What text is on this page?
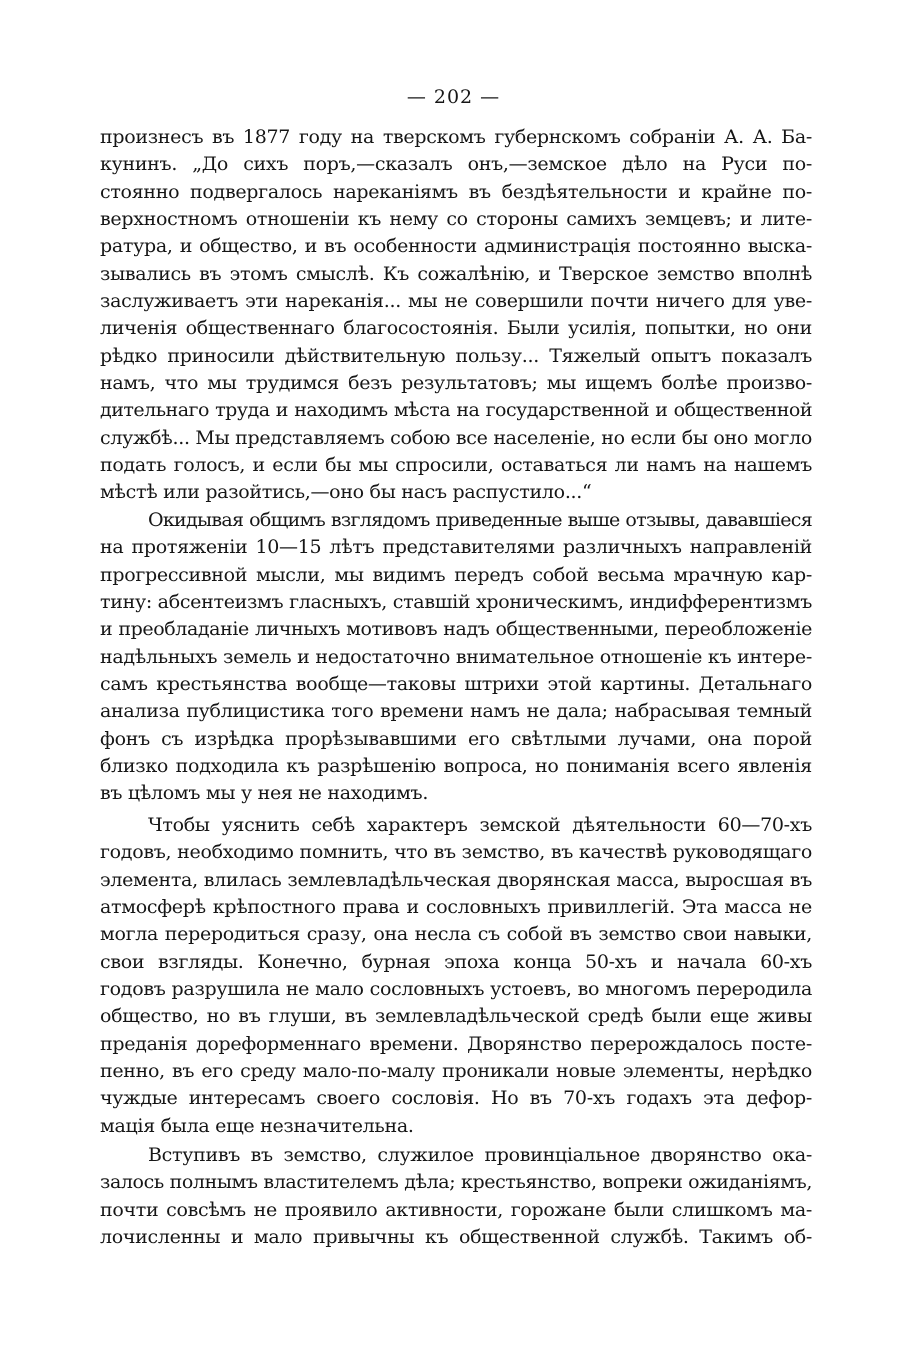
— 202 —
произнесъ въ 1877 году на тверскомъ губернскомъ собраніи А. А. Ба-
кунинъ. „До сихъ поръ,—сказалъ онъ,—земское дѣло на Руси по-
стоянно подвергалось нареканіямъ въ бездѣятельности и крайне по-
верхностномъ отношеніи къ нему со стороны самихъ земцевъ; и лите-
ратура, и общество, и въ особенности администрація постоянно выска-
зывались въ этомъ смыслѣ. Къ сожалѣнію, и Тверское земство вполнѣ
заслуживаетъ эти нареканія... мы не совершили почти ничего для уве-
личенія общественнаго благосостоянія. Были усилія, попытки, но они
рѣдко приносили дѣйствительную пользу... Тяжелый опытъ показалъ
намъ, что мы трудимся безъ результатовъ; мы ищемъ болѣе произво-
дительнаго труда и находимъ мѣста на государственной и общественной
службѣ... Мы представляемъ собою все населеніе, но если бы оно могло
подать голосъ, и если бы мы спросили, оставаться ли намъ на нашемъ
мѣстѣ или разойтись,—оно бы насъ распустило...“
Окидывая общимъ взглядомъ приведенные выше отзывы, дававшіеся
на протяженіи 10—15 лѣтъ представителями различныхъ направленій
прогрессивной мысли, мы видимъ передъ собой весьма мрачную кар-
тину: абсентеизмъ гласныхъ, ставшій хроническимъ, индифферентизмъ
и преобладаніе личныхъ мотивовъ надъ общественными, переобложеніе
надѣльныхъ земель и недостаточно внимательное отношеніе къ интере-
самъ крестьянства вообще—таковы штрихи этой картины. Детальнаго
анализа публицистика того времени намъ не дала; набрасывая темный
фонъ съ изрѣдка прорѣзывавшими его свѣтлыми лучами, она порой
близко подходила къ разрѣшенію вопроса, но пониманія всего явленія
въ цѣломъ мы у нея не находимъ.
Чтобы уяснить себѣ характеръ земской дѣятельности 60—70-хъ
годовъ, необходимо помнить, что въ земство, въ качествѣ руководящаго
элемента, влилась землевладѣльческая дворянская масса, выросшая въ
атмосферѣ крѣпостного права и сословныхъ привиллегій. Эта масса не
могла переродиться сразу, она несла съ собой въ земство свои навыки,
свои взгляды. Конечно, бурная эпоха конца 50-хъ и начала 60-хъ
годовъ разрушила не мало сословныхъ устоевъ, во многомъ переродила
общество, но въ глуши, въ землевладѣльческой средѣ были еще живы
преданія дореформеннаго времени. Дворянство перерождалось посте-
пенно, въ его среду мало-по-малу проникали новые элементы, нерѣдко
чуждые интересамъ своего сословія. Но въ 70-хъ годахъ эта дефор-
мація была еще незначительна.
Вступивъ въ земство, служилое провинціальное дворянство ока-
залось полнымъ властителемъ дѣла; крестьянство, вопреки ожиданіямъ,
почти совсѣмъ не проявило активности, горожане были слишкомъ ма-
лочисленны и мало привычны къ общественной службѣ. Такимъ об-
